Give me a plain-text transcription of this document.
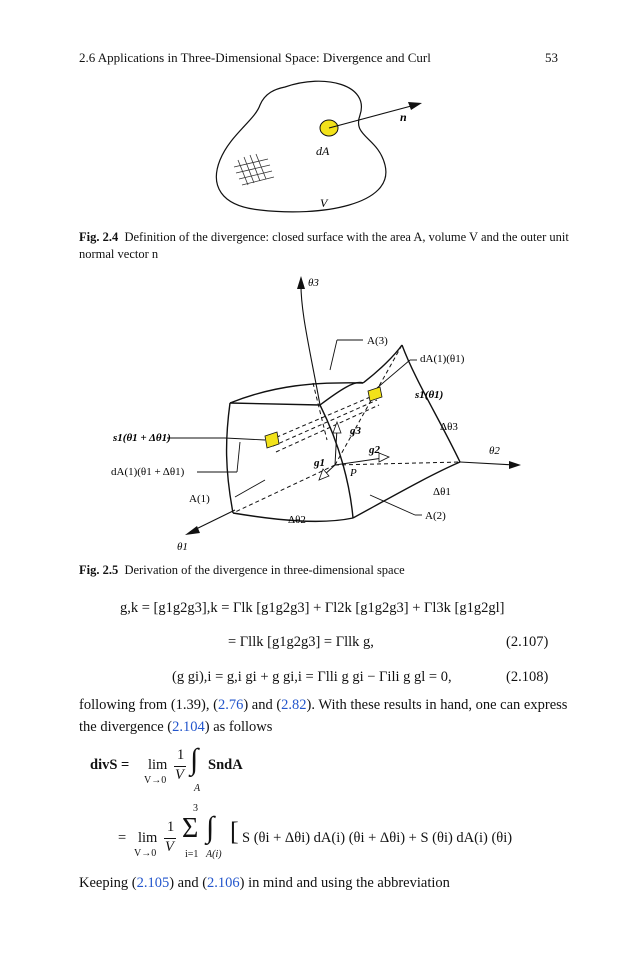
2.6 Applications in Three-Dimensional Space: Divergence and Curl	53
n
dA
V
Fig. 2.4 Definition of the divergence: closed surface with the area A, volume V and the outer unit
normal vector n
θ3
θ2
θ1
g3
g2
g1
P
A(3)
dA(1)(θ1)
s1(θ1)
Δθ3
s1(θ1 + Δθ1)
dA(1)(θ1 + Δθ1)
A(1)
Δθ1
A(2)
Δθ2
Fig. 2.5 Derivation of the divergence in three-dimensional space
g,k = [g1g2g3],k = Γlk [g1g2g3] + Γl2k [g1g2g3] + Γl3k [g1g2gl]
= Γllk [g1g2g3] = Γllk g,	(2.107)
(g gi),i = g,i gi + g gi,i = Γlli g gi − Γili g gl = 0,	(2.108)
following from (1.39), (2.76) and (2.82). With these results in hand, one can express
the divergence (2.104) as follows
divS = lim
V→0
1
V ∫
A
SndA
= lim
V→0
1
V
3
Σ
i=1
∫
A(i)
[ S (θi + Δθi) dA(i) (θi + Δθi) + S (θi) dA(i) (θi)
Keeping (2.105) and (2.106) in mind and using the abbreviation
